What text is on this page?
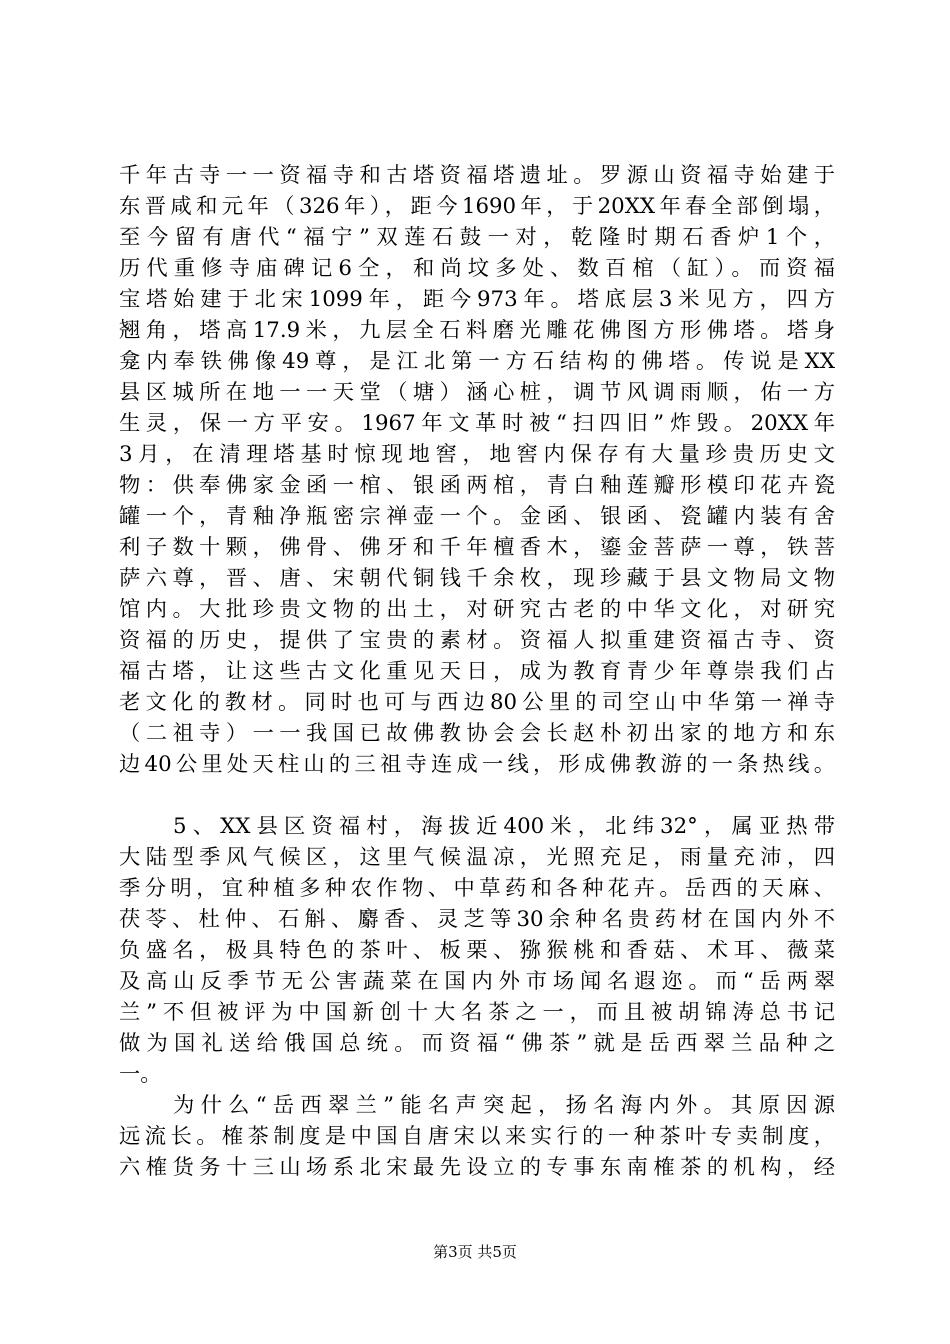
千年古寺一一资福寺和古塔资福塔遗址。罗源山资福寺始建于
东晋咸和元年（326年），距今1690年，于20XX年春全部倒塌，
至今留有唐代“福宁”双莲石鼓一对，乾隆时期石香炉1个，
历代重修寺庙碑记6仝，和尚坟多处、数百棺（缸）。而资福
宝塔始建于北宋1099年，距今973年。塔底层3米见方，四方
翘角，塔高17.9米，九层全石料磨光雕花佛图方形佛塔。塔身
龛内奉铁佛像49尊，是江北第一方石结构的佛塔。传说是XX
县区城所在地一一天堂（塘）涵心桩，调节风调雨顺，佑一方
生灵，保一方平安。1967年文革时被“扫四旧”炸毁。20XX年
3月，在清理塔基时惊现地窖，地窖内保存有大量珍贵历史文
物：供奉佛家金函一棺、银函两棺，青白釉莲瓣形模印花卉瓷
罐一个，青釉净瓶密宗禅壶一个。金函、银函、瓷罐内装有舍
利子数十颗，佛骨、佛牙和千年檀香木，鎏金菩萨一尊，铁菩
萨六尊，晋、唐、宋朝代铜钱千余枚，现珍藏于县文物局文物
馆内。大批珍贵文物的出土，对研究古老的中华文化，对研究
资福的历史，提供了宝贵的素材。资福人拟重建资福古寺、资
福古塔，让这些古文化重见天日，成为教育青少年尊崇我们占
老文化的教材。同时也可与西边80公里的司空山中华第一禅寺
（二祖寺）一一我国已故佛教协会会长赵朴初出家的地方和东
边40公里处天柱山的三祖寺连成一线，形成佛教游的一条热线。
5、XX县区资福村，海拔近400米，北纬32°，属亚热带
大陆型季风气候区，这里气候温凉，光照充足，雨量充沛，四
季分明，宜种植多种农作物、中草药和各种花卉。岳西的天麻、
茯苓、杜仲、石斛、麝香、灵芝等30余种名贵药材在国内外不
负盛名，极具特色的茶叶、板栗、猕猴桃和香菇、术耳、薇菜
及高山反季节无公害蔬菜在国内外市场闻名遐迩。而“岳两翠
兰”不但被评为中国新创十大名茶之一，而且被胡锦涛总书记
做为国礼送给俄国总统。而资福“佛茶”就是岳西翠兰品种之
一。
为什么“岳西翠兰”能名声突起，扬名海内外。其原因源
远流长。榷茶制度是中国自唐宋以来实行的一种茶叶专卖制度，
六榷货务十三山场系北宋最先设立的专事东南榷茶的机构，经
第3页 共5页
